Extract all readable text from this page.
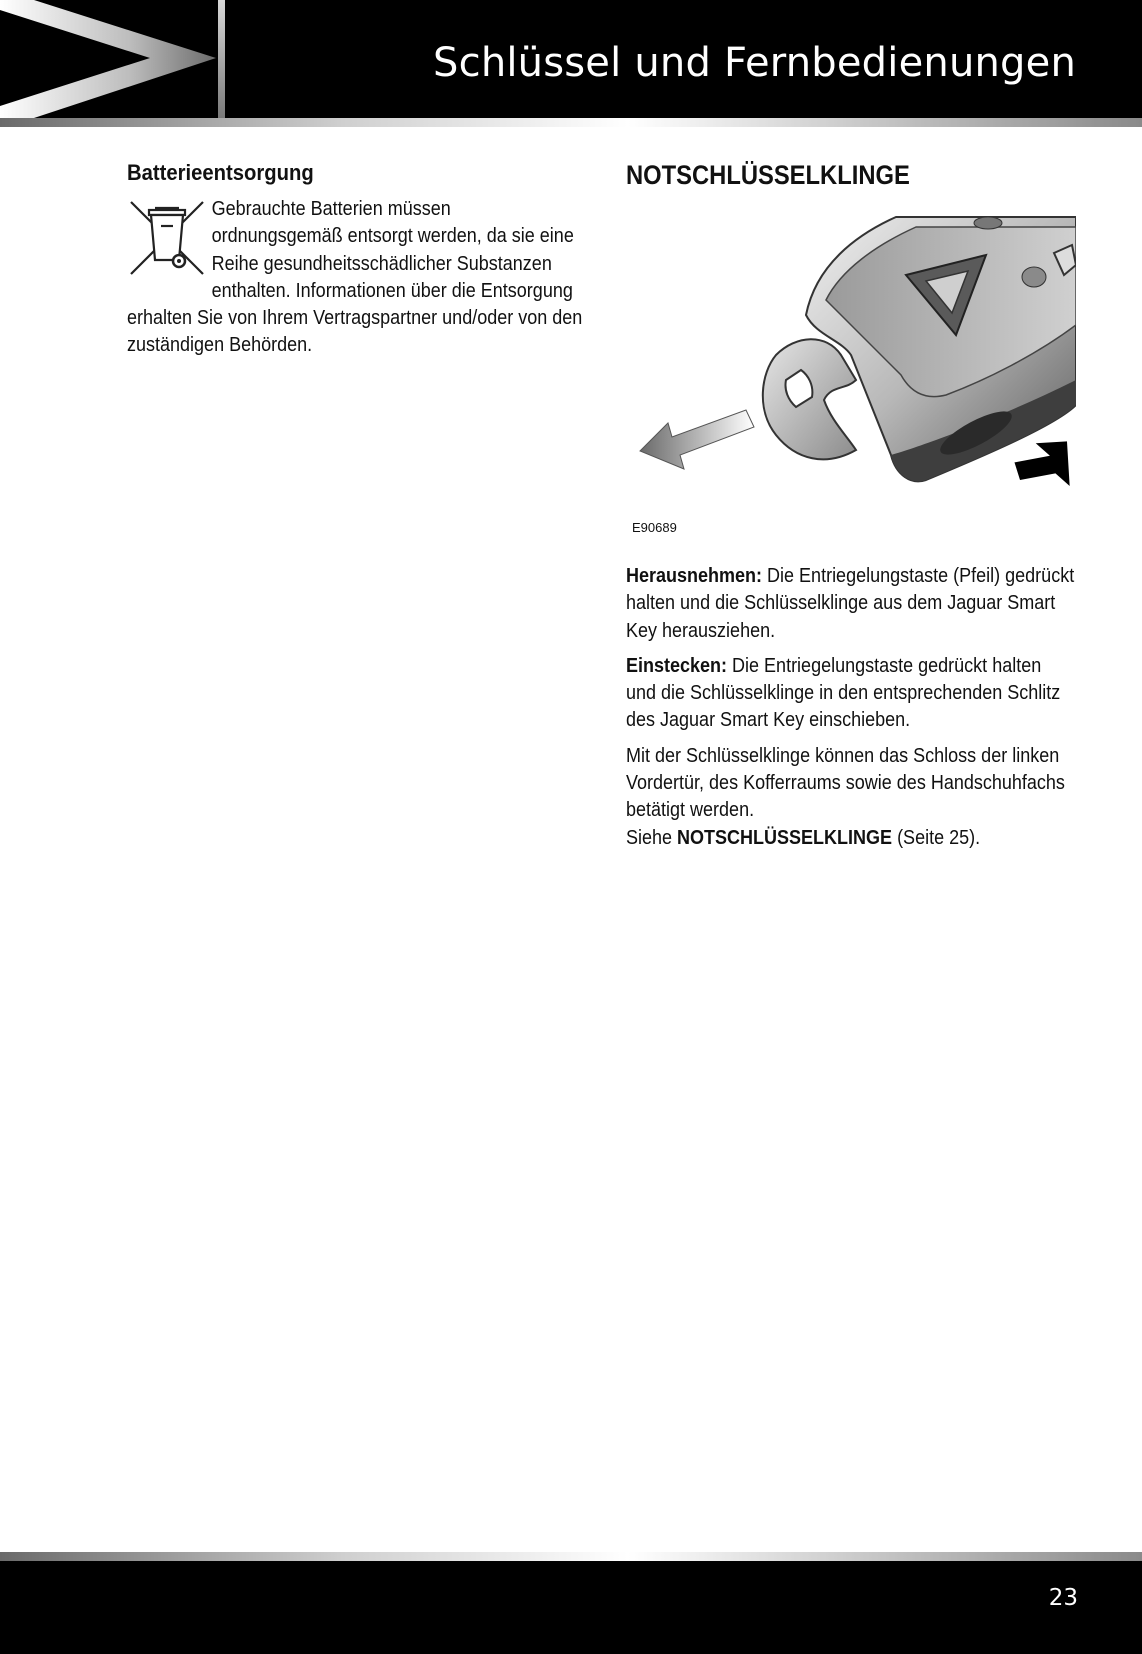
Schlüssel und Fernbedienungen
Batterieentsorgung

Gebrauchte Batterien müssen ordnungsgemäß entsorgt werden, da sie eine Reihe gesundheitsschädlicher Substanzen enthalten. Informationen über die Entsorgung erhalten Sie von Ihrem Vertragspartner und/oder von den zuständigen Behörden.

NOTSCHLÜSSELKLINGE
E90689

Herausnehmen: Die Entriegelungstaste (Pfeil) gedrückt halten und die Schlüsselklinge aus dem Jaguar Smart Key herausziehen.

Einstecken: Die Entriegelungstaste gedrückt halten und die Schlüsselklinge in den entsprechenden Schlitz des Jaguar Smart Key einschieben.

Mit der Schlüsselklinge können das Schloss der linken Vordertür, des Kofferraums sowie des Handschuhfachs betätigt werden.
Siehe NOTSCHLÜSSELKLINGE (Seite 25).

23
